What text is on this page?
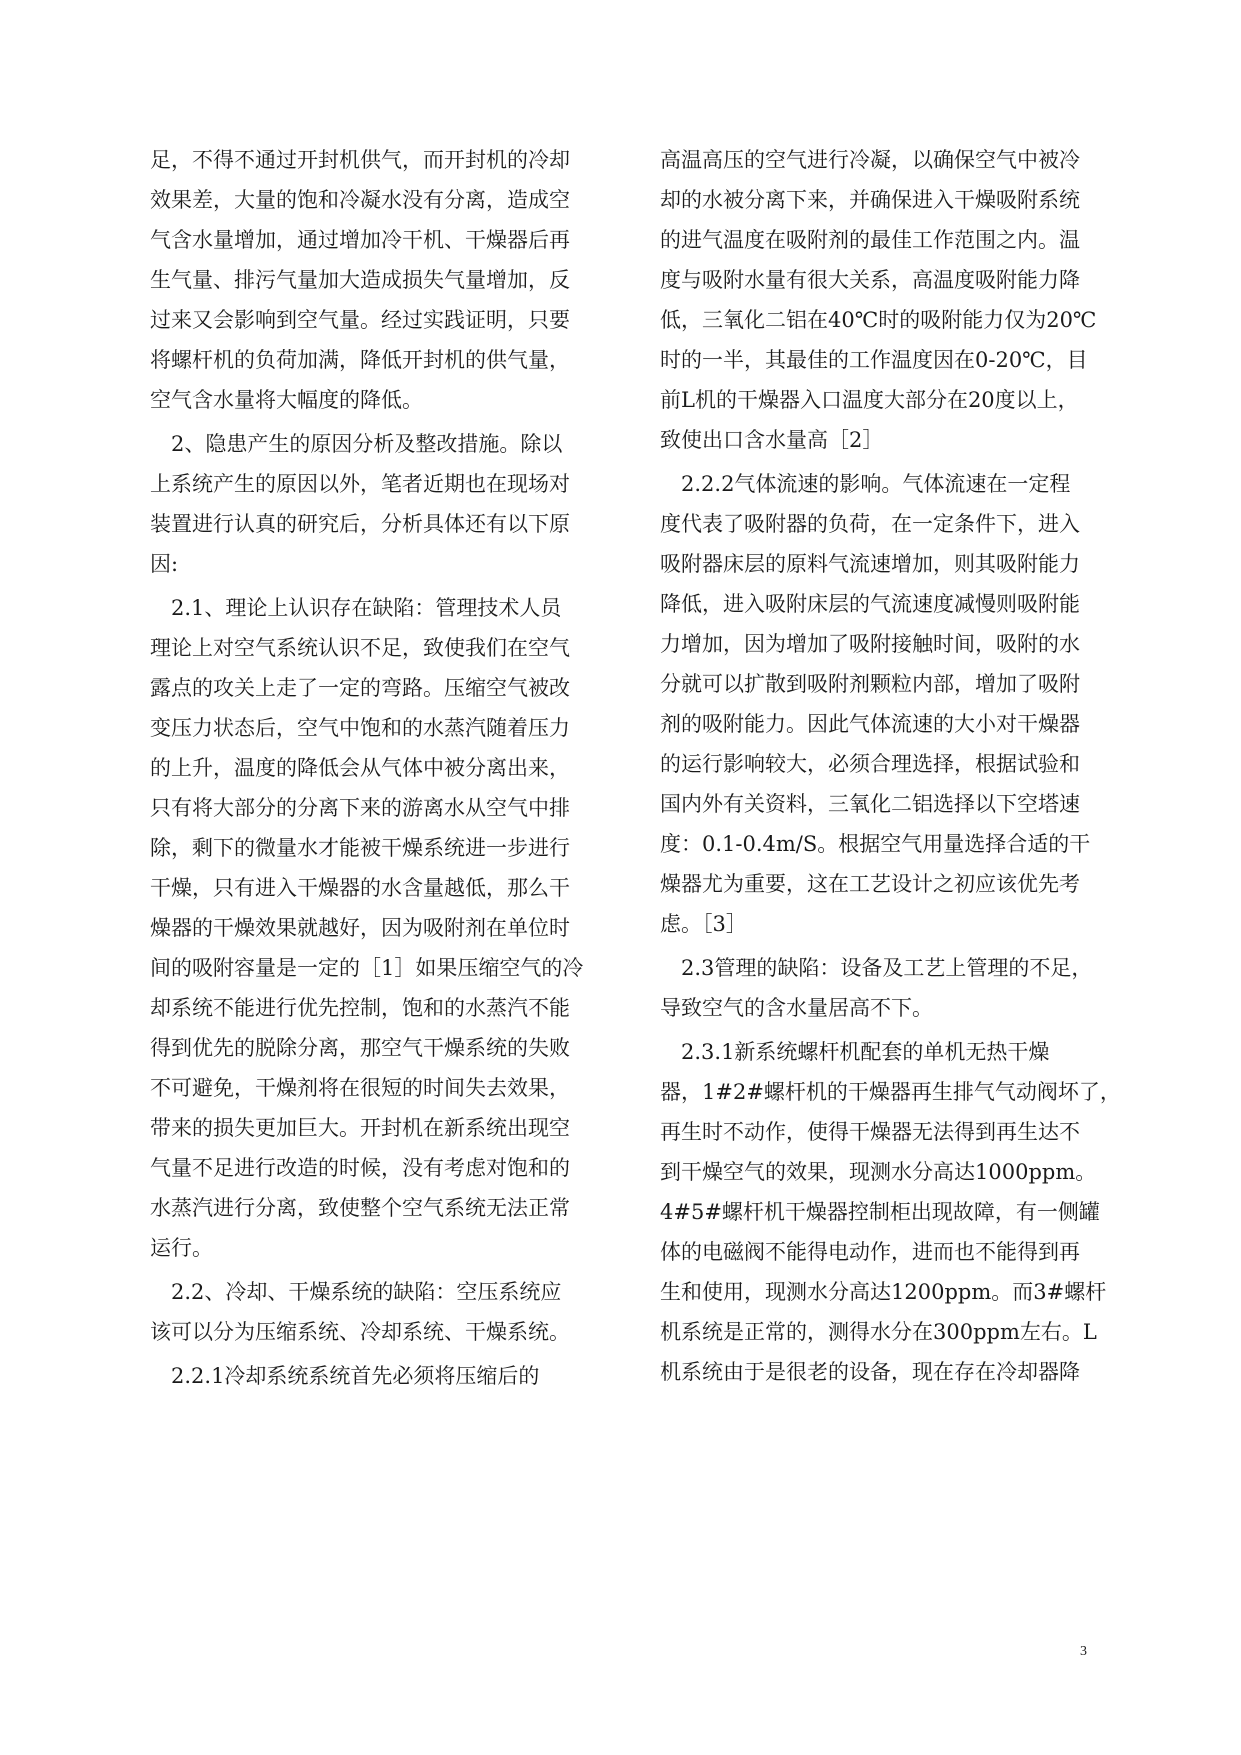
足，不得不通过开封机供气，而开封机的冷却
效果差，大量的饱和冷凝水没有分离，造成空
气含水量增加，通过增加冷干机、干燥器后再
生气量、排污气量加大造成损失气量增加，反
过来又会影响到空气量。经过实践证明，只要
将螺杆机的负荷加满，降低开封机的供气量，
空气含水量将大幅度的降低。
　2、隐患产生的原因分析及整改措施。除以
上系统产生的原因以外，笔者近期也在现场对
装置进行认真的研究后，分析具体还有以下原
因:
　2.1、理论上认识存在缺陷：管理技术人员
理论上对空气系统认识不足，致使我们在空气
露点的攻关上走了一定的弯路。压缩空气被改
变压力状态后，空气中饱和的水蒸汽随着压力
的上升，温度的降低会从气体中被分离出来，
只有将大部分的分离下来的游离水从空气中排
除，剩下的微量水才能被干燥系统进一步进行
干燥，只有进入干燥器的水含量越低，那么干
燥器的干燥效果就越好，因为吸附剂在单位时
间的吸附容量是一定的［1］如果压缩空气的冷
却系统不能进行优先控制，饱和的水蒸汽不能
得到优先的脱除分离，那空气干燥系统的失败
不可避免，干燥剂将在很短的时间失去效果，
带来的损失更加巨大。开封机在新系统出现空
气量不足进行改造的时候，没有考虑对饱和的
水蒸汽进行分离，致使整个空气系统无法正常
运行。
　2.2、冷却、干燥系统的缺陷：空压系统应
该可以分为压缩系统、冷却系统、干燥系统。
　2.2.1冷却系统系统首先必须将压缩后的
高温高压的空气进行冷凝，以确保空气中被冷
却的水被分离下来，并确保进入干燥吸附系统
的进气温度在吸附剂的最佳工作范围之内。温
度与吸附水量有很大关系，高温度吸附能力降
低，三氧化二铝在40℃时的吸附能力仅为20℃
时的一半，其最佳的工作温度因在0-20℃，目
前L机的干燥器入口温度大部分在20度以上，
致使出口含水量高［2］
　2.2.2气体流速的影响。气体流速在一定程
度代表了吸附器的负荷，在一定条件下，进入
吸附器床层的原料气流速增加，则其吸附能力
降低，进入吸附床层的气流速度减慢则吸附能
力增加，因为增加了吸附接触时间，吸附的水
分就可以扩散到吸附剂颗粒内部，增加了吸附
剂的吸附能力。因此气体流速的大小对干燥器
的运行影响较大，必须合理选择，根据试验和
国内外有关资料，三氧化二铝选择以下空塔速
度：0.1-0.4m/S。根据空气用量选择合适的干
燥器尤为重要，这在工艺设计之初应该优先考
虑。［3］
　2.3管理的缺陷：设备及工艺上管理的不足，
导致空气的含水量居高不下。
　2.3.1新系统螺杆机配套的单机无热干燥
器，1#2#螺杆机的干燥器再生排气气动阀坏了，
再生时不动作，使得干燥器无法得到再生达不
到干燥空气的效果，现测水分高达1000ppm。
4#5#螺杆机干燥器控制柜出现故障，有一侧罐
体的电磁阀不能得电动作，进而也不能得到再
生和使用，现测水分高达1200ppm。而3#螺杆
机系统是正常的，测得水分在300ppm左右。L
机系统由于是很老的设备，现在存在冷却器降
3
